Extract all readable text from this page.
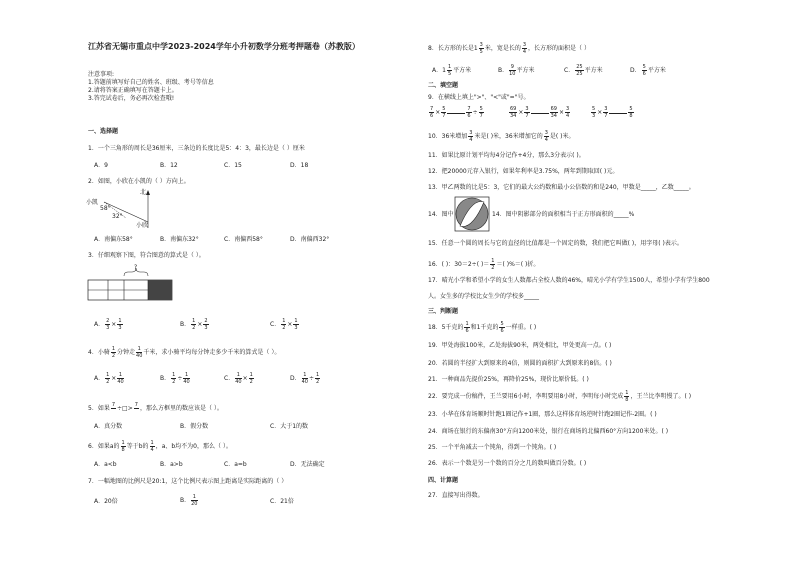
江苏省无锡市重点中学2023-2024学年小升初数学分班考押题卷（苏教版）
注意事项:
1.答题前填写好自己的姓名、班级、考号等信息
2.请将答案正确填写在答题卡上。
3.答完试卷后，务必再次检查哦!
一、选择题
1．一个三角形的周长是36厘米，三条边的长度比是5：4：3，最长边是（ ）厘米
A．9	B．12	C．15	D．18
2．如图，小欣在小凯的（ ）方向上。
北
小凯
58°
32°
小欣
A．南偏东58°	B．南偏东32°	C．南偏西58°	D．南偏西32°
3．仔细观察下图，符合图意的算式是（ ）。
?
A． $\frac{2}{3} \times \frac{1}{3}$	B． $\frac{1}{2} \times \frac{2}{3}$	C． $\frac{1}{2} \times \frac{1}{3}$
4．小骑 $\frac{1}{2}$ 分钟走 $\frac{1}{40}$ 千米，求小骑平均每分钟走多少千米的算式是（ ）。
A． $\frac{1}{2} \times \frac{1}{40}$	B． $\frac{1}{2} \div \frac{1}{40}$	C． $\frac{1}{40} \times \frac{1}{2}$	D． $\frac{1}{40} \div \frac{1}{2}$
5．如果 7
÷□> 7
，那么方框里的数应该是（ ）。
A．真分数	B．假分数	C．大于1的数
6．如果a的 $\frac{1}{8}$ 等于b的 $\frac{1}{4}$ ，a、b均不为0，那么（ ）。
A．a<b	B．a>b	C．a=b	D．无法确定
7．一幅地图的比例尺是20:1，这个比例尺表示图上距离是实际距离的（ ）
A．20倍	B． $\frac{1}{20}$	C．21倍
8．长方形的长是$1 \frac{3}{5}$ 米，宽是长的 $\frac{3}{4}$ ，长方形的面积是（ ）
A．$1 \frac{1}{5}$ 平方米	B． $\frac{9}{10}$ 平方米	C． $\frac{25}{25}$ 平方米	D． $\frac{5}{6}$ 平方米
二、填空题
9．在横线上填上">"、"<"或"="号。
$\frac{7}{6} \times \frac{5}{7}$	$\frac{7}{6} \div \frac{5}{7}$	$\frac{69}{34} \times \frac{3}{7}$	$\frac{69}{34} \times \frac{3}{4}$	$\frac{5}{3} \times \frac{3}{7}$	$\frac{5}{8}$
10．36米增加 $\frac{3}{4}$ 米是( )米，36米增加它的 $\frac{3}{4}$ 是( )米。
11．如果比原计划平均每4分记作+4分，那么3分表示( )。
12．把20000元存入银行，如果年利率是3.75%，两年到期取回( )元。
13．甲乙两数的比是5：3，它们的最大公约数和最小公倍数的和是240，甲数是_____，乙数_____。
14．图中	14．图中阴影部分的面积相当于正方形面积的_____%
15．任意一个圆的周长与它的直径的比值都是一个固定的数，我们把它叫做( )，用字母( )表示。
16．( )：30＝2÷( )＝ $\frac{1}{2}$ ＝( )%＝( )折。
17．晴光小学和希望小学的女生人数都占全校人数的46%，晴光小学有学生1500人，希望小学有学生800
人。女生多的学校比女生少的学校多_____
三、判断题
18．5千克的 $\frac{1}{6}$ 和1千克的 $\frac{5}{6}$ 一样重。( )
19．甲处海拔100米，乙处海拔90米，两处相比，甲处更高一点。( )
20．若圆的半径扩大到原来的4倍，则圆的面积扩大到原来的8倍。( )
21．一种商品先提价25%，再降价25%，现价比原价低。( )
22．要完成一份稿件，王兰要用6小时，李明要用8小时，李明每小时完成 $\frac{1}{8}$ ，王兰比李明慢了。( )
23．小华在体育场顺时针跑1圈记作+1圈，那么这样体育场逆时针跑2圈记作-2圈。( )
24．商场在银行的东偏南30°方向1200米处，银行在商场的北偏西60°方向1200米处。( )
25．一个平角减去一个钝角，得到一个钝角。( )
26．表示一个数是另一个数的百分之几的数叫做百分数。( )
四、计算题
27．直接写出得数。
